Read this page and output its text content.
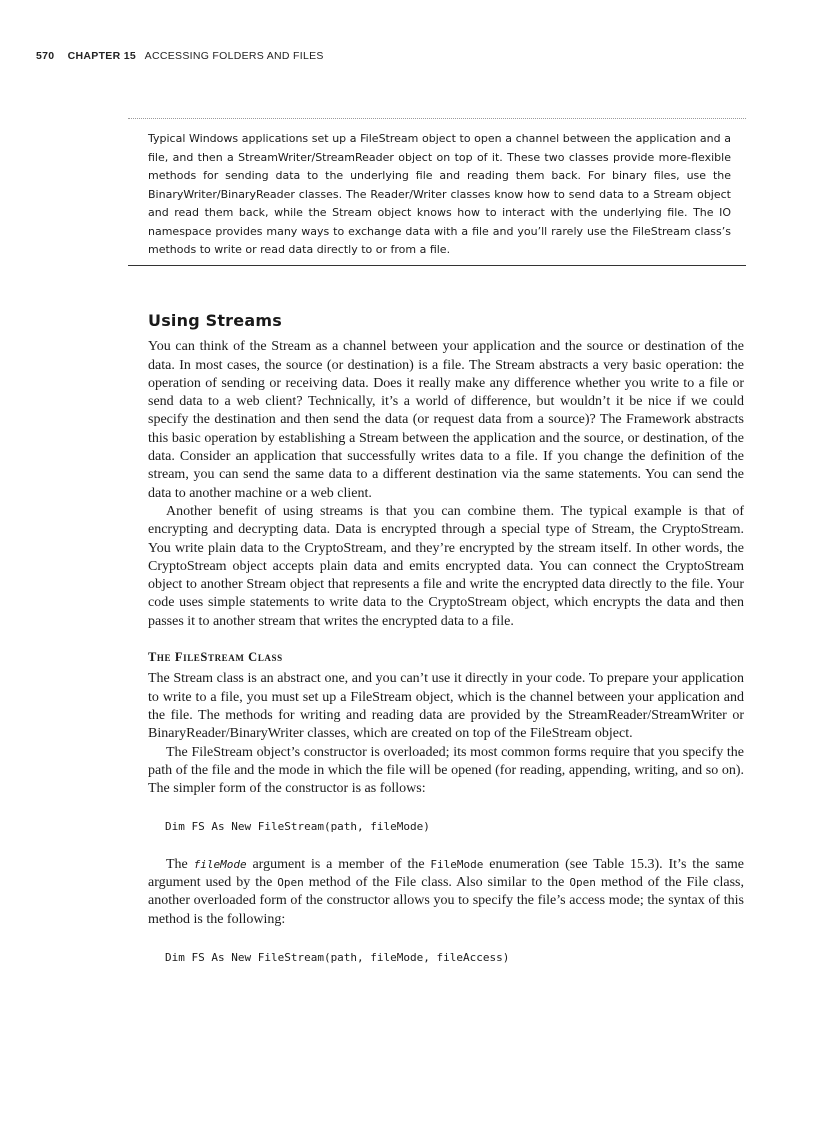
570 CHAPTER 15 ACCESSING FOLDERS AND FILES

Typical Windows applications set up a FileStream object to open a channel between the application and a file, and then a StreamWriter/StreamReader object on top of it. These two classes provide more-flexible methods for sending data to the underlying file and reading them back. For binary files, use the BinaryWriter/BinaryReader classes. The Reader/Writer classes know how to send data to a Stream object and read them back, while the Stream object knows how to interact with the underlying file. The IO namespace provides many ways to exchange data with a file and you’ll rarely use the FileStream class’s methods to write or read data directly to or from a file.

Using Streams

You can think of the Stream as a channel between your application and the source or destination of the data. In most cases, the source (or destination) is a file. The Stream abstracts a very basic operation: the operation of sending or receiving data. Does it really make any difference whether you write to a file or send data to a web client? Technically, it’s a world of difference, but wouldn’t it be nice if we could specify the destination and then send the data (or request data from a source)? The Framework abstracts this basic operation by establishing a Stream between the application and the source, or destination, of the data. Consider an application that successfully writes data to a file. If you change the definition of the stream, you can send the same data to a different destination via the same statements. You can send the data to another machine or a web client.

Another benefit of using streams is that you can combine them. The typical example is that of encrypting and decrypting data. Data is encrypted through a special type of Stream, the CryptoStream. You write plain data to the CryptoStream, and they’re encrypted by the stream itself. In other words, the CryptoStream object accepts plain data and emits encrypted data. You can connect the CryptoStream object to another Stream object that represents a file and write the encrypted data directly to the file. Your code uses simple statements to write data to the CryptoStream object, which encrypts the data and then passes it to another stream that writes the encrypted data to a file.

The FileStream Class

The Stream class is an abstract one, and you can’t use it directly in your code. To prepare your application to write to a file, you must set up a FileStream object, which is the channel between your application and the file. The methods for writing and reading data are provided by the StreamReader/StreamWriter or BinaryReader/BinaryWriter classes, which are created on top of the FileStream object.

The FileStream object’s constructor is overloaded; its most common forms require that you specify the path of the file and the mode in which the file will be opened (for reading, appending, writing, and so on). The simpler form of the constructor is as follows:

Dim FS As New FileStream(path, fileMode)

The fileMode argument is a member of the FileMode enumeration (see Table 15.3). It’s the same argument used by the Open method of the File class. Also similar to the Open method of the File class, another overloaded form of the constructor allows you to specify the file’s access mode; the syntax of this method is the following:

Dim FS As New FileStream(path, fileMode, fileAccess)
